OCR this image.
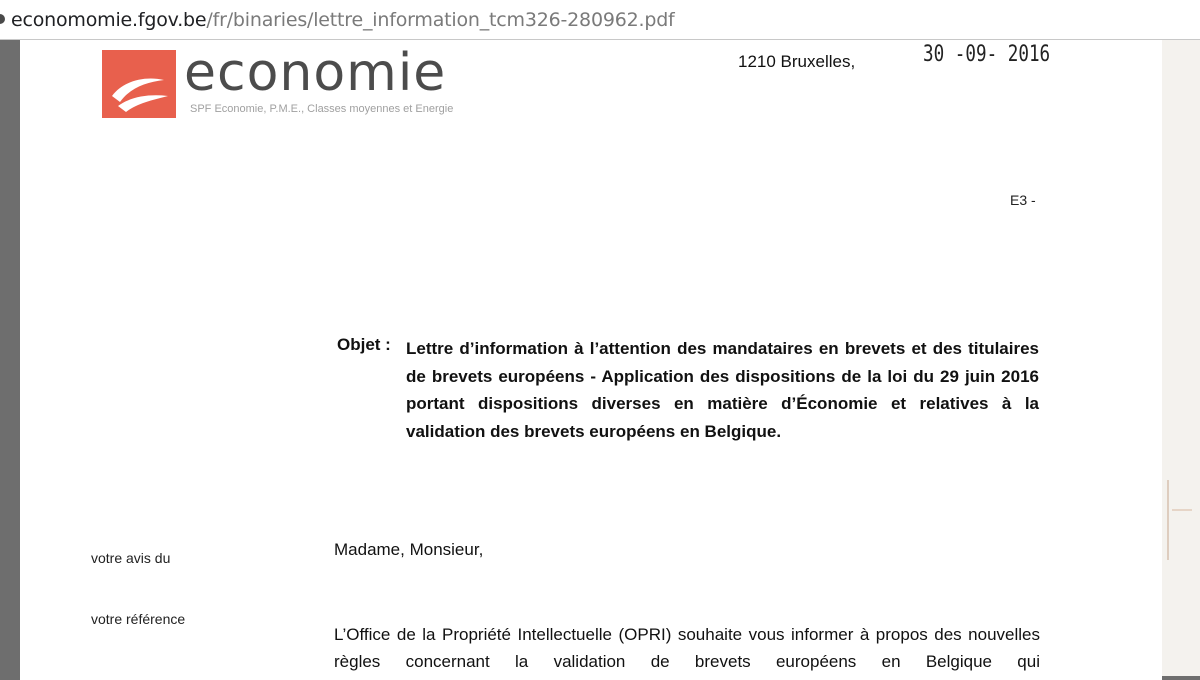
economomie.fgov.be/fr/binaries/lettre_information_tcm326-280962.pdf
economie
SPF Economie, P.M.E., Classes moyennes et Energie
1210 Bruxelles,	30 -09- 2016
E3 -
Objet : Lettre d’information à l’attention des mandataires en brevets et des titulaires de brevets européens - Application des dispositions de la loi du 29 juin 2016 portant dispositions diverses en matière d’Économie et relatives à la validation des brevets européens en Belgique.
votre avis du
votre référence
Madame, Monsieur,
L’Office de la Propriété Intellectuelle (OPRI) souhaite vous informer à propos des nouvelles règles concernant la validation de brevets européens en Belgique qui
